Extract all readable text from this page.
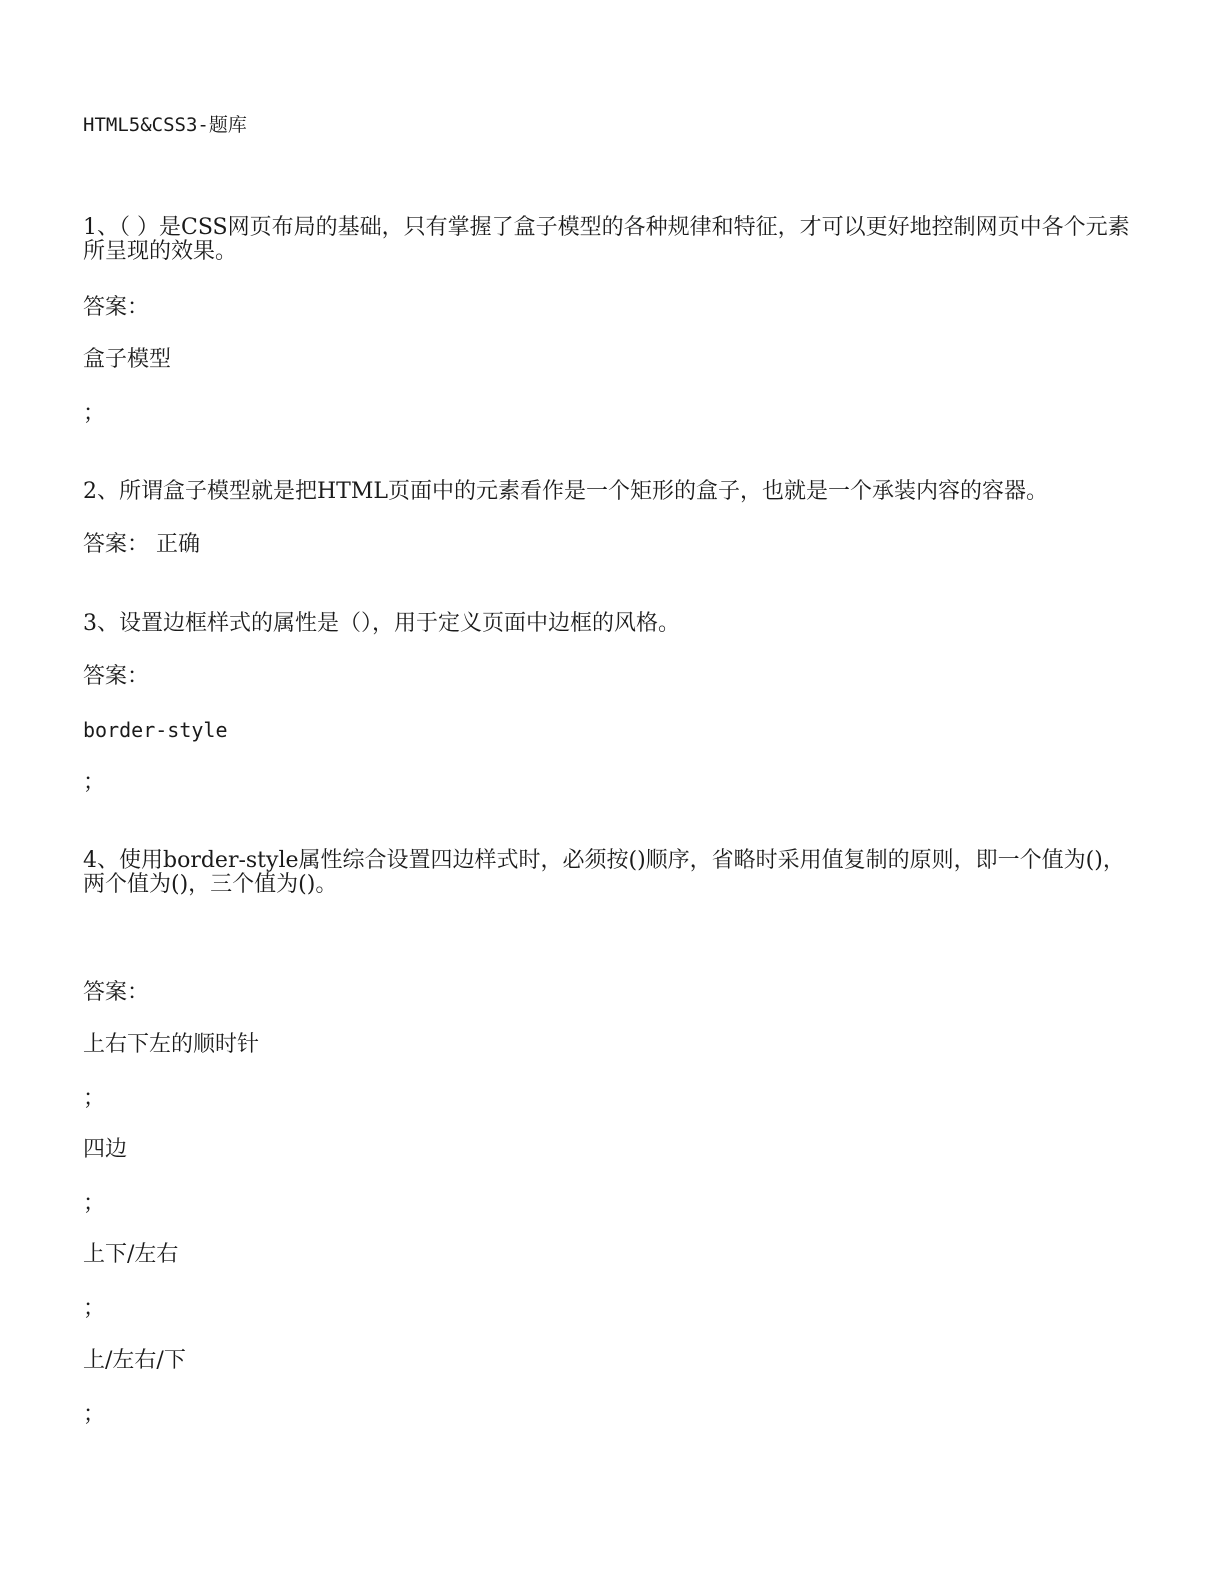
HTML5&CSS3-题库
1、（ ）是CSS网页布局的基础，只有掌握了盒子模型的各种规律和特征，才可以更好地控制网页中各个元素所呈现的效果。
答案：
盒子模型
；
2、所谓盒子模型就是把HTML页面中的元素看作是一个矩形的盒子，也就是一个承装内容的容器。
答案： 正确
3、设置边框样式的属性是（），用于定义页面中边框的风格。
答案：
border-style
；
4、使用border-style属性综合设置四边样式时，必须按()顺序，省略时采用值复制的原则，即一个值为()，两个值为()，三个值为()。
答案：
上右下左的顺时针
；
四边
；
上下/左右
；
上/左右/下
；
